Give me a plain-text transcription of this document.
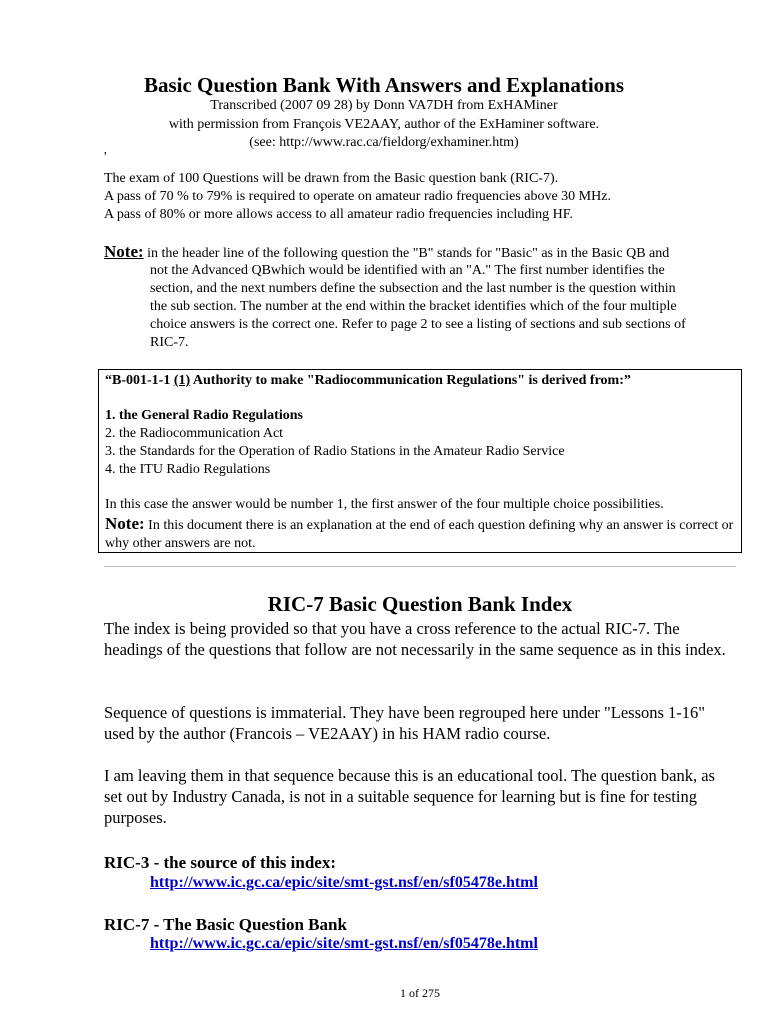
Basic Question Bank With Answers and Explanations
Transcribed (2007 09 28) by Donn VA7DH from ExHAMiner
with permission from François VE2AAY, author of the ExHaminer software.
(see: http://www.rac.ca/fieldorg/exhaminer.htm)
'
The exam of 100 Questions will be drawn from the Basic question bank (RIC-7).
A pass of 70 % to 79% is required to operate on amateur radio frequencies above 30 MHz.
A pass of 80% or more allows access to all amateur radio frequencies including HF.
Note: in the header line of the following question the "B" stands for "Basic" as in the Basic QB and
not the Advanced QBwhich would be identified with an "A." The first number identifies the
section, and the next numbers define the subsection and the last number is the question within
the sub section. The number at the end within the bracket identifies which of the four multiple
choice answers is the correct one. Refer to page 2 to see a listing of sections and sub sections of
RIC-7.
“B-001-1-1 (1) Authority to make "Radiocommunication Regulations" is derived from:”
1. the General Radio Regulations
2. the Radiocommunication Act
3. the Standards for the Operation of Radio Stations in the Amateur Radio Service
4. the ITU Radio Regulations
In this case the answer would be number 1, the first answer of the four multiple choice possibilities.
Note: In this document there is an explanation at the end of each question defining why an answer is correct or why other answers are not.
RIC-7 Basic Question Bank Index
The index is being provided so that you have a cross reference to the actual RIC-7. The headings of the questions that follow are not necessarily in the same sequence as in this index.
Sequence of questions is immaterial. They have been regrouped here under "Lessons 1-16" used by the author (Francois – VE2AAY) in his HAM radio course.
I am leaving them in that sequence because this is an educational tool. The question bank, as set out by Industry Canada, is not in a suitable sequence for learning but is fine for testing purposes.
RIC-3 - the source of this index:
http://www.ic.gc.ca/epic/site/smt-gst.nsf/en/sf05478e.html
RIC-7 - The Basic Question Bank
http://www.ic.gc.ca/epic/site/smt-gst.nsf/en/sf05478e.html
1 of 275
